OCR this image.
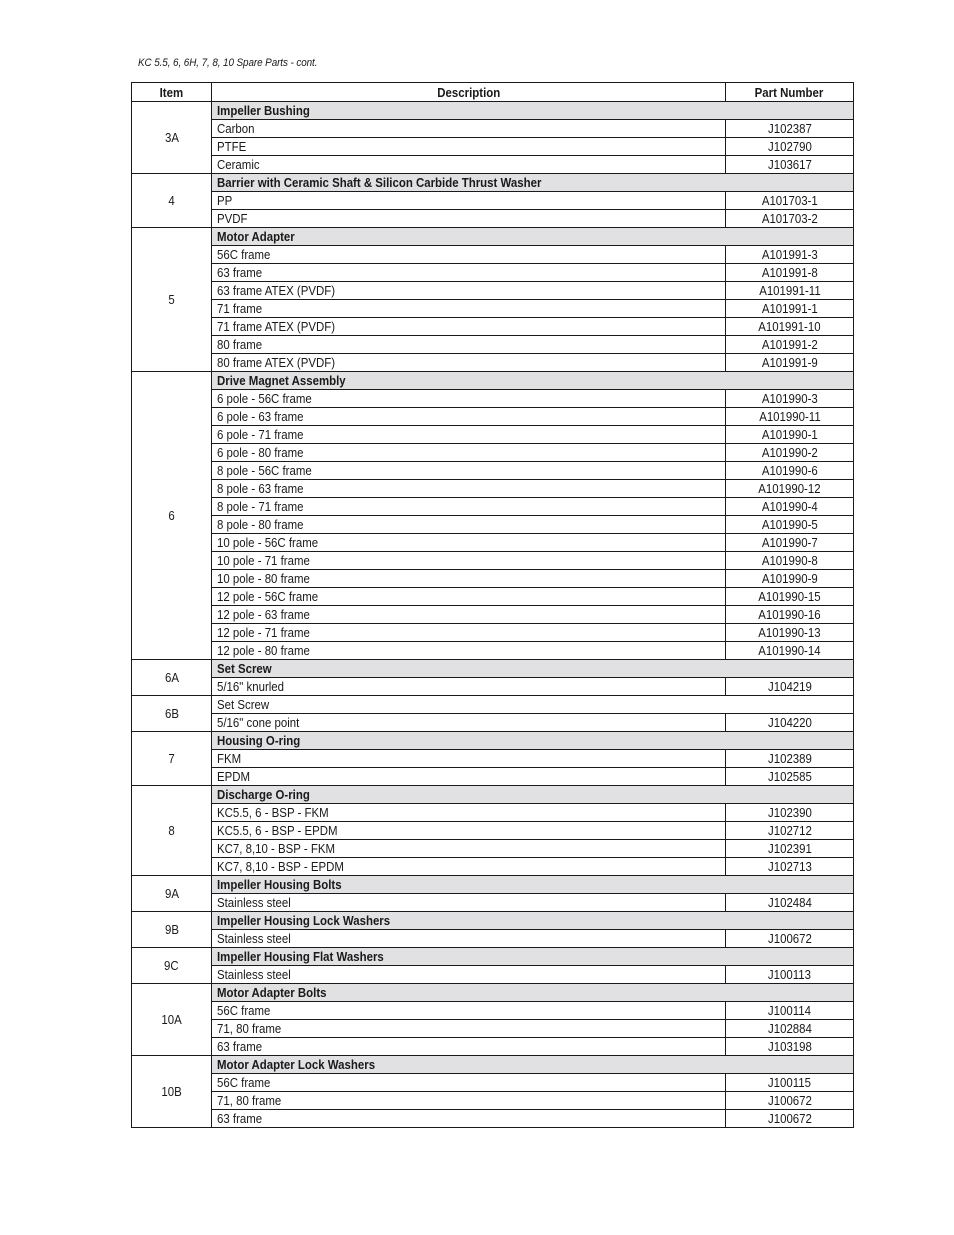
KC 5.5, 6, 6H, 7, 8, 10 Spare Parts - cont.
Item	Description	Part Number
3A	Impeller Bushing	
	Carbon	J102387
	PTFE	J102790
	Ceramic	J103617
4	Barrier with Ceramic Shaft & Silicon Carbide Thrust Washer	
	PP	A101703-1
	PVDF	A101703-2
5	Motor Adapter	
	56C frame	A101991-3
	63 frame	A101991-8
	63 frame ATEX (PVDF)	A101991-11
	71 frame	A101991-1
	71 frame ATEX (PVDF)	A101991-10
	80 frame	A101991-2
	80 frame ATEX (PVDF)	A101991-9
6	Drive Magnet Assembly	
	6 pole - 56C frame	A101990-3
	6 pole - 63 frame	A101990-11
	6 pole - 71 frame	A101990-1
	6 pole - 80 frame	A101990-2
	8 pole - 56C frame	A101990-6
	8 pole - 63 frame	A101990-12
	8 pole - 71 frame	A101990-4
	8 pole - 80 frame	A101990-5
	10 pole - 56C frame	A101990-7
	10 pole - 71 frame	A101990-8
	10 pole - 80 frame	A101990-9
	12 pole - 56C frame	A101990-15
	12 pole - 63 frame	A101990-16
	12 pole - 71 frame	A101990-13
	12 pole - 80 frame	A101990-14
6A	Set Screw	
	5/16" knurled	J104219
6B	Set Screw	
	5/16" cone point	J104220
7	Housing O-ring	
	FKM	J102389
	EPDM	J102585
8	Discharge O-ring	
	KC5.5, 6 - BSP - FKM	J102390
	KC5.5, 6 - BSP - EPDM	J102712
	KC7, 8,10 - BSP - FKM	J102391
	KC7, 8,10 - BSP - EPDM	J102713
9A	Impeller Housing Bolts	
	Stainless steel	J102484
9B	Impeller Housing Lock Washers	
	Stainless steel	J100672
9C	Impeller Housing Flat Washers	
	Stainless steel	J100113
10A	Motor Adapter Bolts	
	56C frame	J100114
	71, 80 frame	J102884
	63 frame	J103198
10B	Motor Adapter Lock Washers	
	56C frame	J100115
	71, 80 frame	J100672
	63 frame	J100672
